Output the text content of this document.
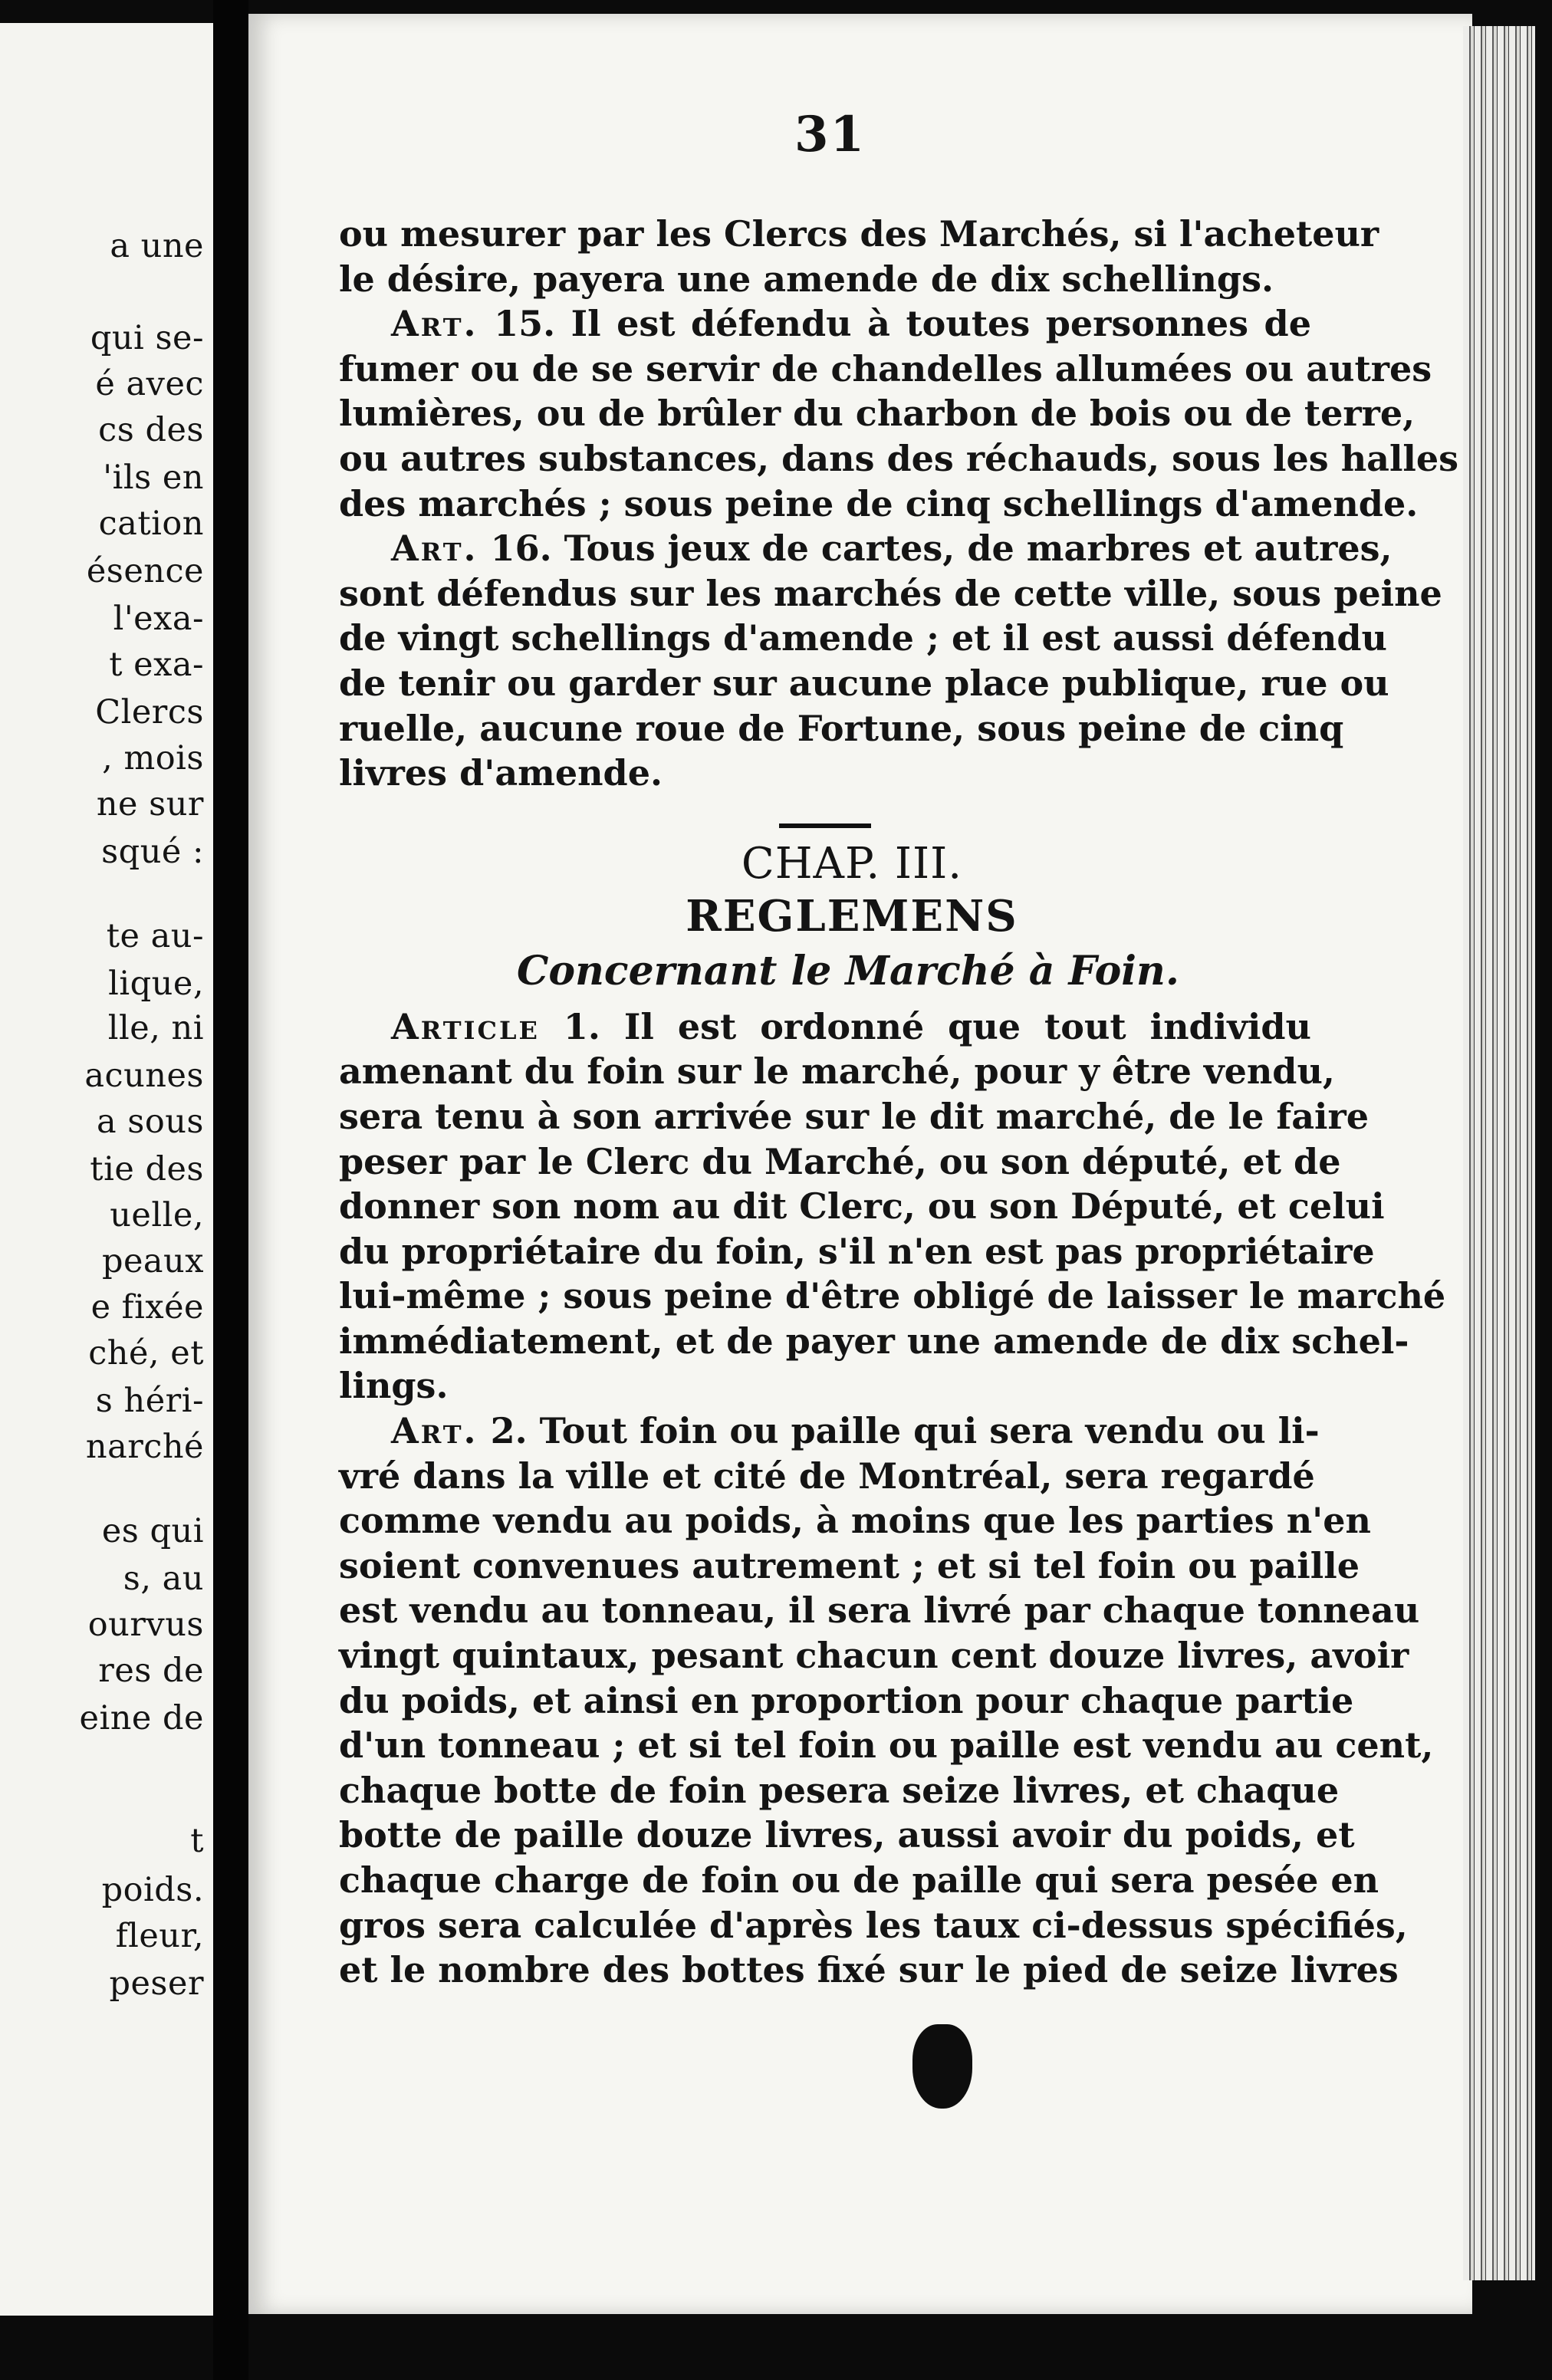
a une
qui se-
é avec
cs des
'ils en
cation
ésence
l'exa-
t exa-
Clercs
, mois
ne sur
squé :
te au-
lique,
lle, ni
acunes
a sous
tie des
uelle,
peaux
e fixée
ché, et
s héri-
narché
es qui
s, au
ourvus
res de
eine de
t
poids.
fleur,
peser
31
ou mesurer par les Clercs des Marchés, si l'acheteur
le désire, payera une amende de dix schellings.
Art. 15. Il est défendu à toutes personnes de
fumer ou de se servir de chandelles allumées ou autres
lumières, ou de brûler du charbon de bois ou de terre,
ou autres substances, dans des réchauds, sous les halles
des marchés ; sous peine de cinq schellings d'amende.
Art. 16. Tous jeux de cartes, de marbres et autres,
sont défendus sur les marchés de cette ville, sous peine
de vingt schellings d'amende ; et il est aussi défendu
de tenir ou garder sur aucune place publique, rue ou
ruelle, aucune roue de Fortune, sous peine de cinq
livres d'amende.
CHAP. III.
REGLEMENS
Concernant le Marché à Foin.
Article 1. Il est ordonné que tout individu
amenant du foin sur le marché, pour y être vendu,
sera tenu à son arrivée sur le dit marché, de le faire
peser par le Clerc du Marché, ou son député, et de
donner son nom au dit Clerc, ou son Député, et celui
du propriétaire du foin, s'il n'en est pas propriétaire
lui-même ; sous peine d'être obligé de laisser le marché
immédiatement, et de payer une amende de dix schel-
lings.
Art. 2. Tout foin ou paille qui sera vendu ou li-
vré dans la ville et cité de Montréal, sera regardé
comme vendu au poids, à moins que les parties n'en
soient convenues autrement ; et si tel foin ou paille
est vendu au tonneau, il sera livré par chaque tonneau
vingt quintaux, pesant chacun cent douze livres, avoir
du poids, et ainsi en proportion pour chaque partie
d'un tonneau ; et si tel foin ou paille est vendu au cent,
chaque botte de foin pesera seize livres, et chaque
botte de paille douze livres, aussi avoir du poids, et
chaque charge de foin ou de paille qui sera pesée en
gros sera calculée d'après les taux ci-dessus spécifiés,
et le nombre des bottes fixé sur le pied de seize livres
